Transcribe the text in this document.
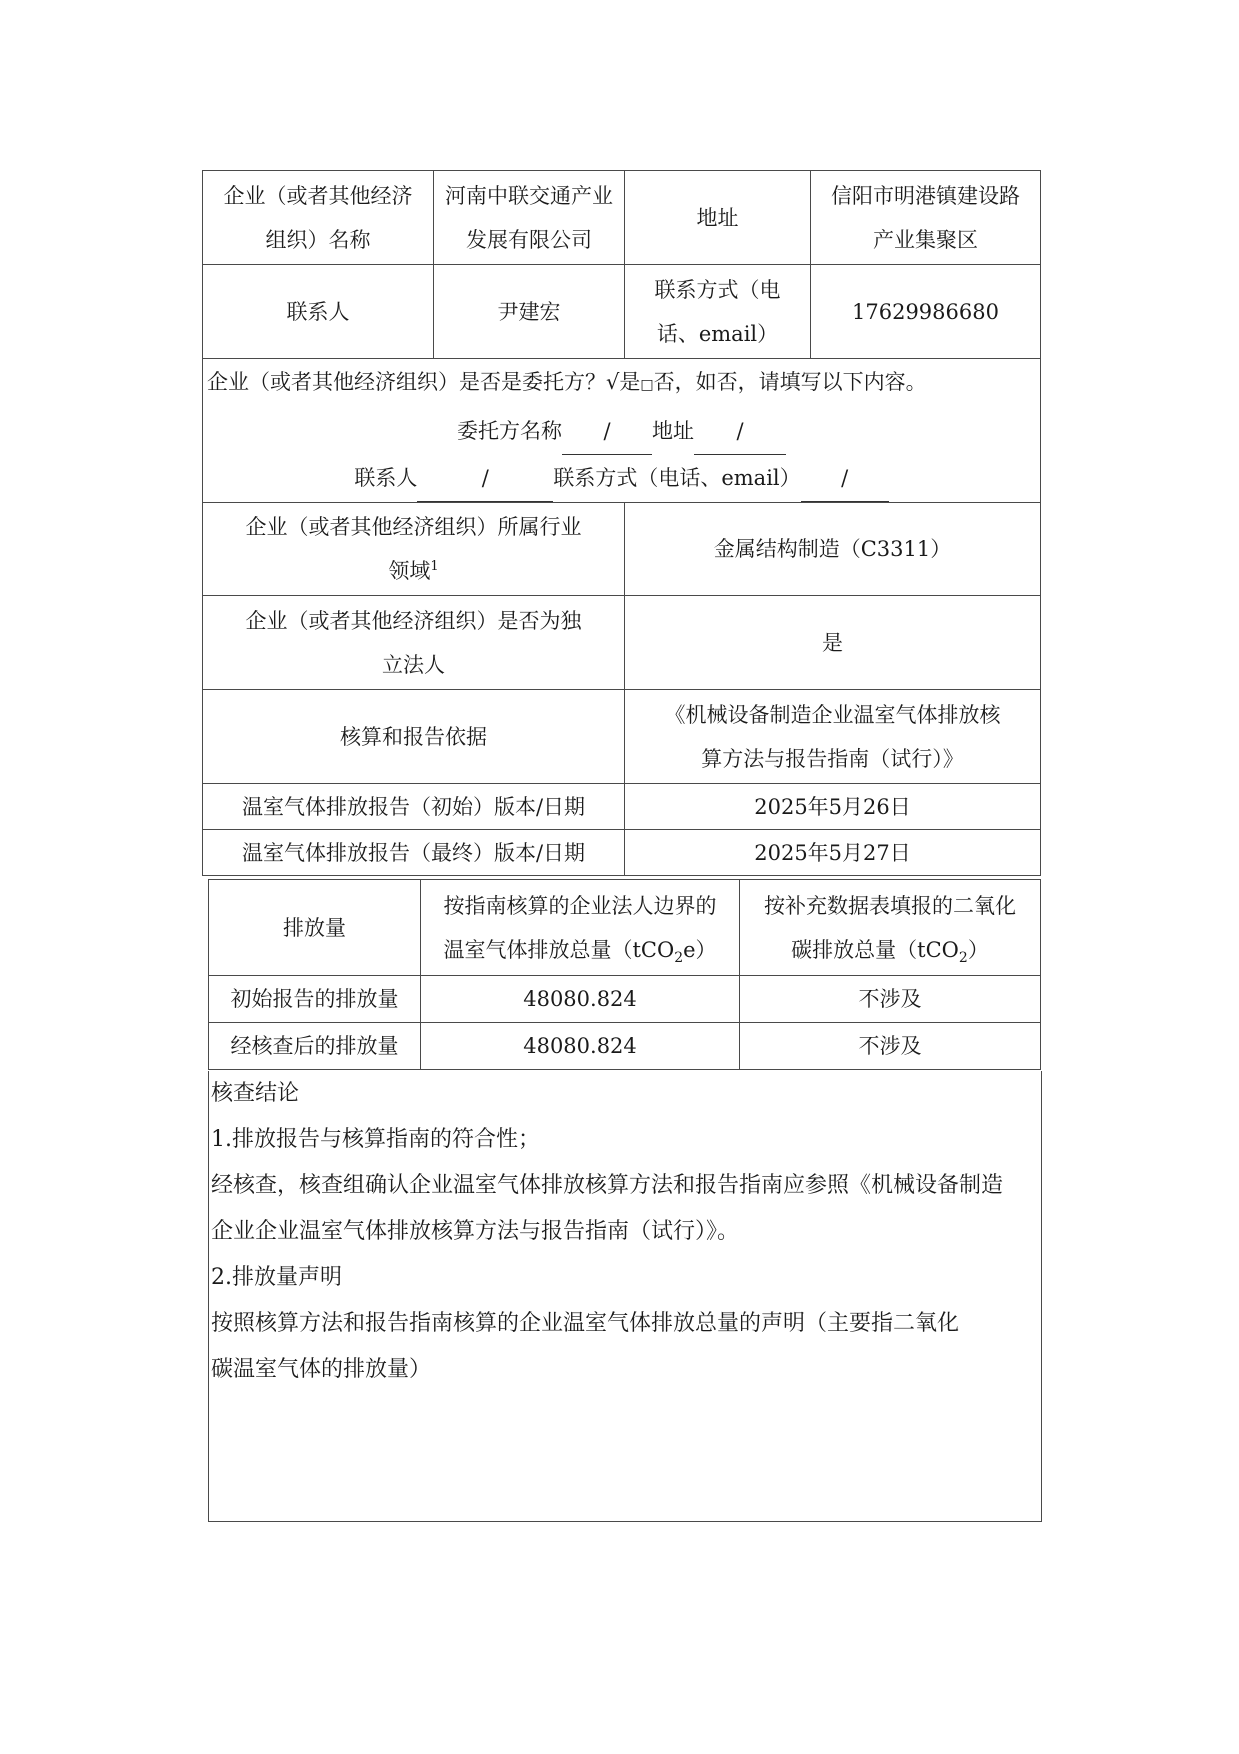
企业（或者其他经济
组织）名称	河南中联交通产业
发展有限公司	地址	信阳市明港镇建设路
产业集聚区
联系人	尹建宏	联系方式（电
话、email）	17629986680

企业（或者其他经济组织）是否是委托方？√是□否，如否，请填写以下内容。
委托方名称 / 地址 /
联系人 / 联系方式（电话、email） /			

企业（或者其他经济组织）所属行业
领域$^1$		金属结构制造（C3311）	
企业（或者其他经济组织）是否为独
立法人		是	
核算和报告依据		《机械设备制造企业温室气体排放核
算方法与报告指南（试行）》	
温室气体排放报告（初始）版本/日期		2025年5月26日	
温室气体排放报告（最终）版本/日期		2025年5月27日	
排放量	按指南核算的企业法人边界的
温室气体排放总量（tCO$_2$e）	按补充数据表填报的二氧化
碳排放总量（tCO$_2$）
初始报告的排放量	48080.824	不涉及
经核查后的排放量	48080.824	不涉及

核查结论

1.排放报告与核算指南的符合性；

经核查，核查组确认企业温室气体排放核算方法和报告指南应参照《机械设备制造

企业企业温室气体排放核算方法与报告指南（试行）》。

2.排放量声明

按照核算方法和报告指南核算的企业温室气体排放总量的声明（主要指二氧化

碳温室气体的排放量）
